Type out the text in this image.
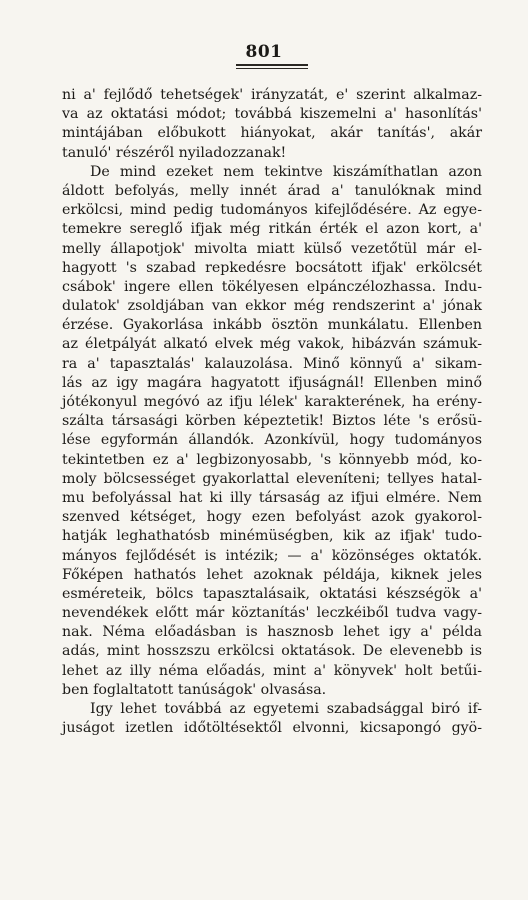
801
ni a' fejlődő tehetségek' irányzatát, e' szerint alkalmaz-
va az oktatási módot; továbbá kiszemelni a' hasonlítás'
mintájában előbukott hiányokat, akár tanítás', akár
tanuló' részéről nyiladozzanak!
De mind ezeket nem tekintve kiszámíthatlan azon
áldott befolyás, melly innét árad a' tanulóknak mind
erkölcsi, mind pedig tudományos kifejlődésére. Az egye-
temekre sereglő ifjak még ritkán érték el azon kort, a'
melly állapotjok' mivolta miatt külső vezetőtül már el-
hagyott 's szabad repkedésre bocsátott ifjak' erkölcsét
csábok' ingere ellen tökélyesen elpánczélozhassa. Indu-
dulatok' zsoldjában van ekkor még rendszerint a' jónak
érzése. Gyakorlása inkább ösztön munkálatu. Ellenben
az életpályát alkató elvek még vakok, hibázván számuk-
ra a' tapasztalás' kalauzolása. Minő könnyű a' sikam-
lás az igy magára hagyatott ifjuságnál! Ellenben minő
jótékonyul megóvó az ifju lélek' karakterének, ha erény-
szálta társasági körben képeztetik! Biztos léte 's erősü-
lése egyformán állandók. Azonkívül, hogy tudományos
tekintetben ez a' legbizonyosabb, 's könnyebb mód, ko-
moly bölcsességet gyakorlattal eleveníteni; tellyes hatal-
mu befolyással hat ki illy társaság az ifjui elmére. Nem
szenved kétséget, hogy ezen befolyást azok gyakorol-
hatják leghathatósb minémüségben, kik az ifjak' tudo-
mányos fejlődését is intézik; — a' közönséges oktatók.
Főképen hathatós lehet azoknak példája, kiknek jeles
esméreteik, bölcs tapasztalásaik, oktatási készségök a'
nevendékek előtt már köztanítás' leczkéiből tudva vagy-
nak. Néma előadásban is hasznosb lehet igy a' példa
adás, mint hosszszu erkölcsi oktatások. De elevenebb is
lehet az illy néma előadás, mint a' könyvek' holt betűi-
ben foglaltatott tanúságok' olvasása.
Igy lehet továbbá az egyetemi szabadsággal biró if-
juságot izetlen időtöltésektől elvonni, kicsapongó gyö-
